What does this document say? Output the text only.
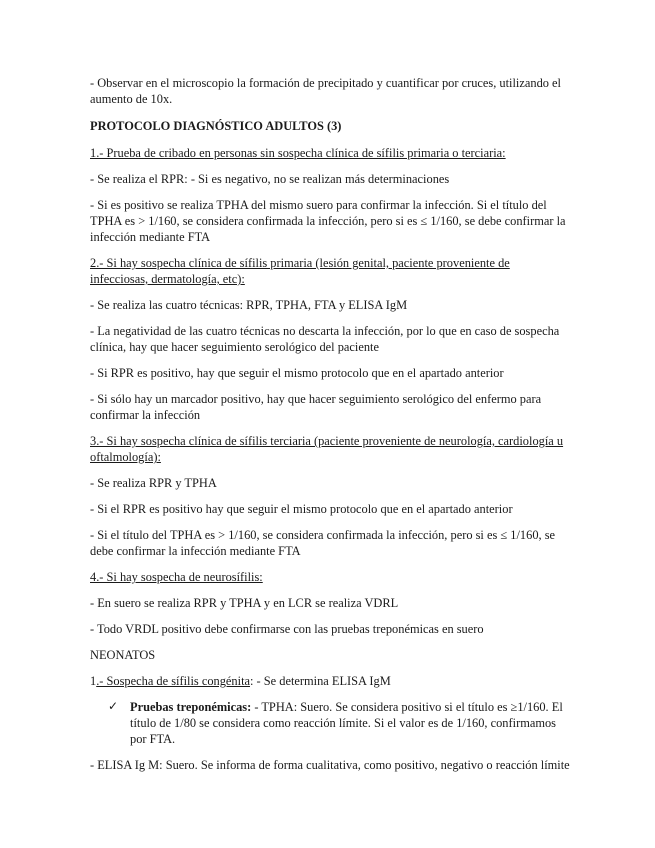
- Observar en el microscopio la formación de precipitado y cuantificar por cruces, utilizando el aumento de 10x.

PROTOCOLO DIAGNÓSTICO ADULTOS (3)

1.- Prueba de cribado en personas sin sospecha clínica de sífilis primaria o terciaria:

- Se realiza el RPR: - Si es negativo, no se realizan más determinaciones

- Si es positivo se realiza TPHA del mismo suero para confirmar la infección. Si el título del TPHA es > 1/160, se considera confirmada la infección, pero si es ≤ 1/160, se debe confirmar la infección mediante FTA

2.- Si hay sospecha clínica de sífilis primaria (lesión genital, paciente proveniente de infecciosas, dermatología, etc):

- Se realiza las cuatro técnicas: RPR, TPHA, FTA y ELISA IgM

- La negatividad de las cuatro técnicas no descarta la infección, por lo que en caso de sospecha clínica, hay que hacer seguimiento serológico del paciente

- Si RPR es positivo, hay que seguir el mismo protocolo que en el apartado anterior

- Si sólo hay un marcador positivo, hay que hacer seguimiento serológico del enfermo para confirmar la infección

3.- Si hay sospecha clínica de sífilis terciaria (paciente proveniente de neurología, cardiología u oftalmología):

- Se realiza RPR y TPHA

- Si el RPR es positivo hay que seguir el mismo protocolo que en el apartado anterior

- Si el título del TPHA es > 1/160, se considera confirmada la infección, pero si es ≤ 1/160, se debe confirmar la infección mediante FTA

4.- Si hay sospecha de neurosífilis:

- En suero se realiza RPR y TPHA y en LCR se realiza VDRL

- Todo VRDL positivo debe confirmarse con las pruebas treponémicas en suero

NEONATOS

1.- Sospecha de sífilis congénita: - Se determina ELISA IgM

✓ Pruebas treponémicas: - TPHA: Suero. Se considera positivo si el título es ≥1/160. El título de 1/80 se considera como reacción límite. Si el valor es de 1/160, confirmamos por FTA.

- ELISA Ig M: Suero. Se informa de forma cualitativa, como positivo, negativo o reacción límite
